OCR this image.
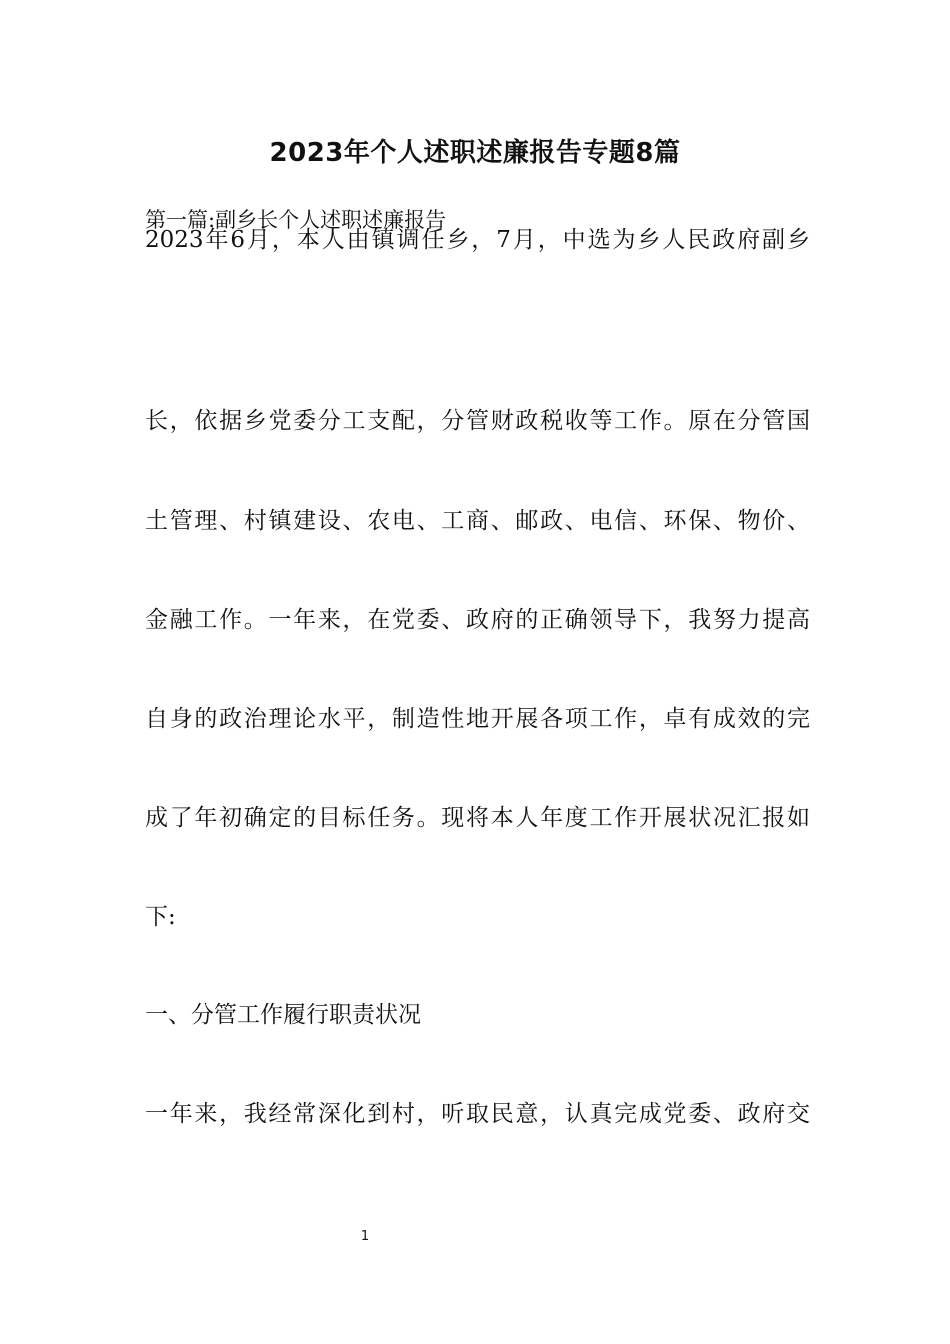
2023年个人述职述廉报告专题8篇
第一篇:副乡长个人述职述廉报告
2023年6月，本人由镇调任乡，7月，中选为乡人民政府副乡
长，依据乡党委分工支配，分管财政税收等工作。原在分管国
土管理、村镇建设、农电、工商、邮政、电信、环保、物价、
金融工作。一年来，在党委、政府的正确领导下，我努力提高
自身的政治理论水平，制造性地开展各项工作，卓有成效的完
成了年初确定的目标任务。现将本人年度工作开展状况汇报如
下:
一、分管工作履行职责状况
一年来，我经常深化到村，听取民意，认真完成党委、政府交
1
